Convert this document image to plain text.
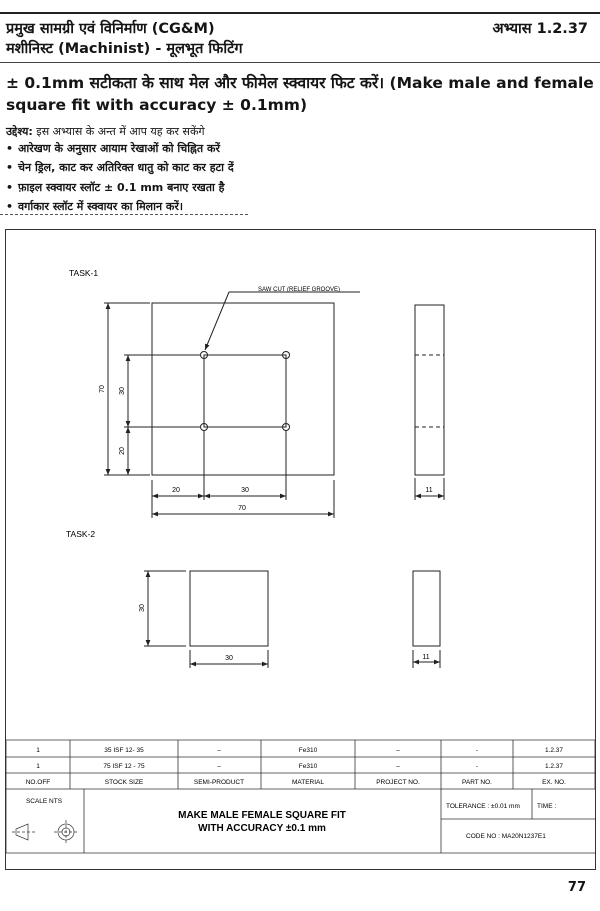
प्रमुख सामग्री एवं विनिर्माण (CG&M)
मशीनिस्ट (Machinist) - मूलभूत फिटिंग
अभ्यास 1.2.37
± 0.1mm सटीकता के साथ मेल और फीमेल स्क्वायर फिट करें। (Make male and female square fit with accuracy ± 0.1mm)
उद्देश्य: इस अभ्यास के अन्त में आप यह कर सकेंगे
• आरेखण के अनुसार आयाम रेखाओं को चिह्नित करें
• चेन ड्रिल, काट कर अतिरिक्त धातु को काट कर हटा दें
• फ़ाइल स्क्वायर स्लॉट ± 0.1 mm बनाए रखता है
• वर्गाकार स्लॉट में स्क्वायर का मिलान करें।
TASK-1
TASK-2
SAW CUT (RELIEF GROOVE)
70 30
20
20	30
70
11
30
30	11
1	35 ISF 12- 35	–	Fe310	–	-	1.2.37
1	75 ISF 12 - 75	–	Fe310	–	-	1.2.37
NO.OFF	STOCK SIZE	SEMI-PRODUCT	MATERIAL	PROJECT NO.	PART NO.	EX. NO.
SCALE NTS
MAKE MALE FEMALE SQUARE FIT
WITH ACCURACY ±0.1 mm
TOLERANCE : ±0.01 mm	TIME :
CODE NO : MA20N1237E1
77
